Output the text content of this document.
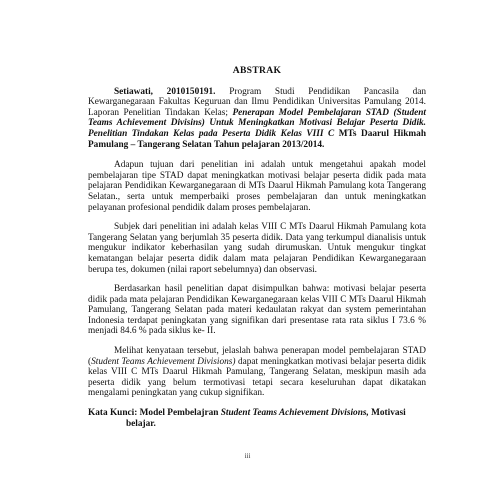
ABSTRAK

Setiawati, 2010150191. Program Studi Pendidikan Pancasila dan Kewarganegaraan Fakultas Keguruan dan Ilmu Pendidikan Universitas Pamulang 2014. Laporan Penelitian Tindakan Kelas; Penerapan Model Pembelajaran STAD (Student Teams Achievement Divisins) Untuk Meningkatkan Motivasi Belajar Peserta Didik. Penelitian Tindakan Kelas pada Peserta Didik Kelas VIII C MTs Daarul Hikmah Pamulang – Tangerang Selatan Tahun pelajaran 2013/2014.

Adapun tujuan dari penelitian ini adalah untuk mengetahui apakah model pembelajaran tipe STAD dapat meningkatkan motivasi belajar peserta didik pada mata pelajaran Pendidikan Kewarganegaraan di MTs Daarul Hikmah Pamulang kota Tangerang Selatan., serta untuk memperbaiki proses pembelajaran dan untuk meningkatkan pelayanan profesional pendidik dalam proses pembelajaran.

Subjek dari penelitian ini adalah kelas VIII C MTs Daarul Hikmah Pamulang kota Tangerang Selatan yang berjumlah 35 peserta didik. Data yang terkumpul dianalisis untuk mengukur indikator keberhasilan yang sudah dirumuskan. Untuk mengukur tingkat kematangan belajar peserta didik dalam mata pelajaran Pendidikan Kewarganegaraan berupa tes, dokumen (nilai raport sebelumnya) dan observasi.

Berdasarkan hasil penelitian dapat disimpulkan bahwa: motivasi belajar peserta didik pada mata pelajaran Pendidikan Kewarganegaraan kelas VIII C MTs Daarul Hikmah Pamulang, Tangerang Selatan pada materi kedaulatan rakyat dan system pemerintahan Indonesia terdapat peningkatan yang signifikan dari presentase rata rata siklus I 73.6 % menjadi 84.6 % pada siklus ke- II.

Melihat kenyataan tersebut, jelaslah bahwa penerapan model pembelajaran STAD (Student Teams Achievement Divisions) dapat meningkatkan motivasi belajar peserta didik kelas VIII C MTs Daarul Hikmah Pamulang, Tangerang Selatan, meskipun masih ada peserta didik yang belum termotivasi tetapi secara keseluruhan dapat dikatakan mengalami peningkatan yang cukup signifikan.

Kata Kunci: Model Pembelajran Student Teams Achievement Divisions, Motivasi belajar.

iii
